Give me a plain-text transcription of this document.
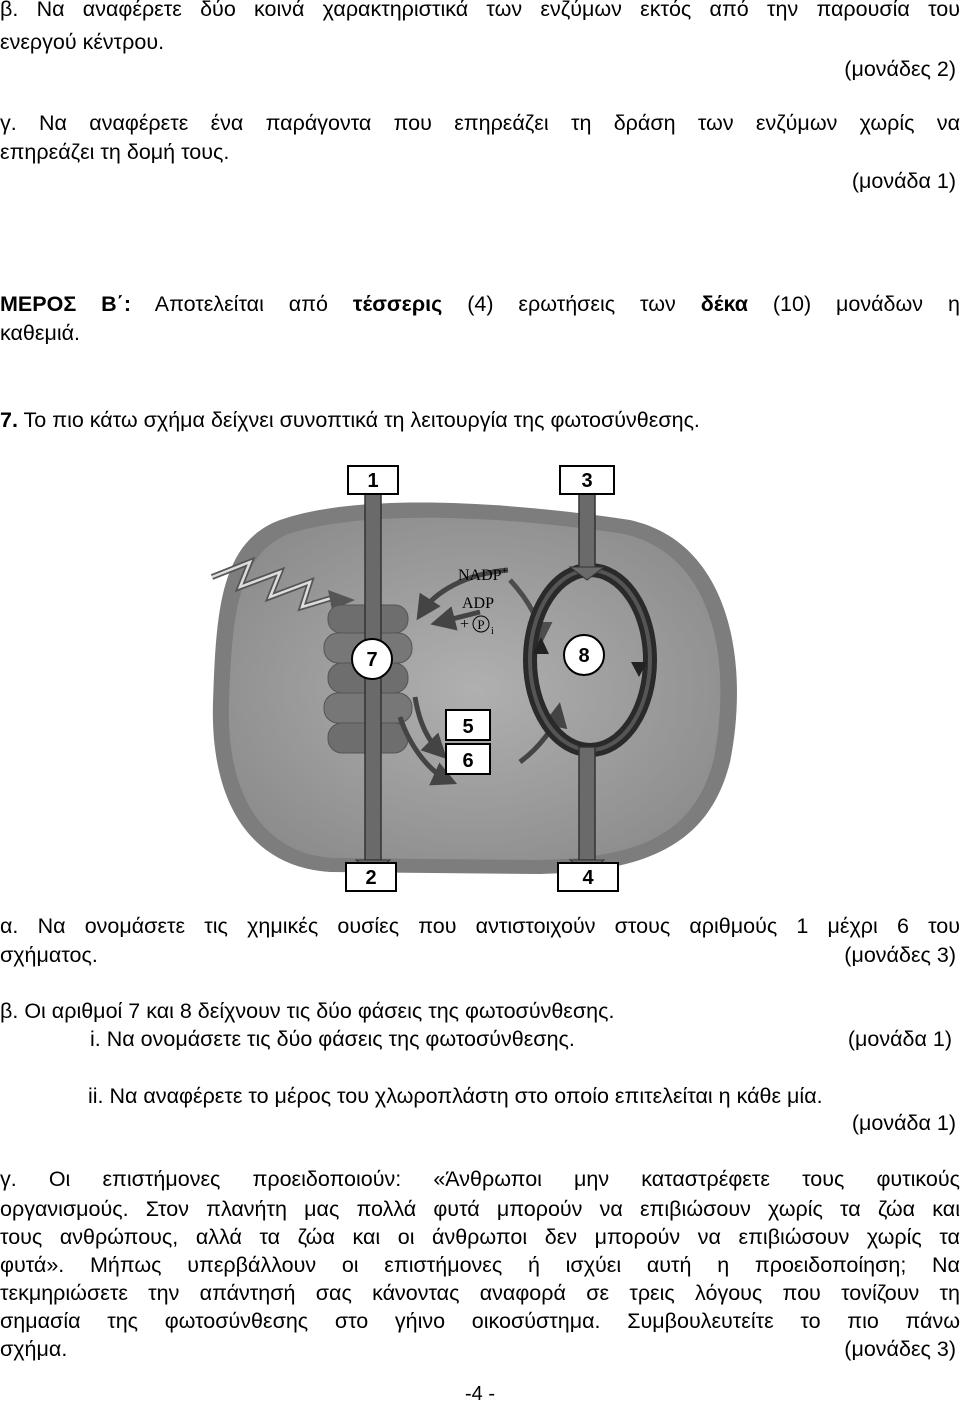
β. Να αναφέρετε δύο κοινά χαρακτηριστικά των ενζύμων εκτός από την παρουσία του
ενεργού κέντρου.
(μονάδες 2)
γ. Να αναφέρετε ένα παράγοντα που επηρεάζει τη δράση των ενζύμων χωρίς να
επηρεάζει τη δομή τους.
(μονάδα 1)
ΜΕΡΟΣ Β΄: Αποτελείται από τέσσερις (4) ερωτήσεις των δέκα (10) μονάδων η
καθεμιά.
7. Το πιο κάτω σχήμα δείχνει συνοπτικά τη λειτουργία της φωτοσύνθεσης.
1	3
2	4
5
6
7	8
NADP+
ADP
+ P i
α. Να ονομάσετε τις χημικές ουσίες που αντιστοιχούν στους αριθμούς 1 μέχρι 6 του
σχήματος.	(μονάδες 3)
β. Οι αριθμοί 7 και 8 δείχνουν τις δύο φάσεις της φωτοσύνθεσης.
i. Να ονομάσετε τις δύο φάσεις της φωτοσύνθεσης.	(μονάδα 1)
ii. Να αναφέρετε το μέρος του χλωροπλάστη στο οποίο επιτελείται η κάθε μία.
(μονάδα 1)
γ. Οι επιστήμονες προειδοποιούν: «Άνθρωποι μην καταστρέφετε τους φυτικούς
οργανισμούς. Στον πλανήτη μας πολλά φυτά μπορούν να επιβιώσουν χωρίς τα ζώα και
τους ανθρώπους, αλλά τα ζώα και οι άνθρωποι δεν μπορούν να επιβιώσουν χωρίς τα
φυτά». Μήπως υπερβάλλουν οι επιστήμονες ή ισχύει αυτή η προειδοποίηση; Να
τεκμηριώσετε την απάντησή σας κάνοντας αναφορά σε τρεις λόγους που τονίζουν τη
σημασία της φωτοσύνθεσης στο γήινο οικοσύστημα. Συμβουλευτείτε το πιο πάνω
σχήμα.	(μονάδες 3)
-4 -
